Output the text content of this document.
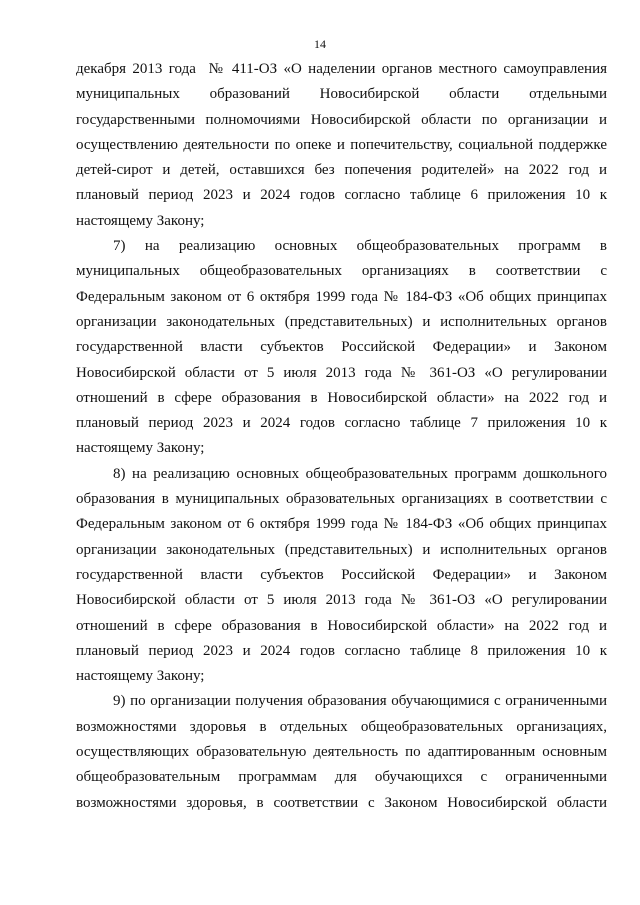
14

декабря 2013 года  № 411-ОЗ «О наделении органов местного самоуправления муниципальных образований Новосибирской области отдельными государственными полномочиями Новосибирской области по организации и осуществлению деятельности по опеке и попечительству, социальной поддержке детей-сирот и детей, оставшихся без попечения родителей» на 2022 год и плановый период 2023 и 2024 годов согласно таблице 6 приложения 10 к настоящему Закону;

7) на реализацию основных общеобразовательных программ в муниципальных общеобразовательных организациях в соответствии с Федеральным законом от 6 октября 1999 года № 184-ФЗ «Об общих принципах организации законодательных (представительных) и исполнительных органов государственной власти субъектов Российской Федерации» и Законом Новосибирской области от 5 июля 2013 года № 361-ОЗ «О регулировании отношений в сфере образования в Новосибирской области» на 2022 год и плановый период 2023 и 2024 годов согласно таблице 7 приложения 10 к настоящему Закону;

8) на реализацию основных общеобразовательных программ дошкольного образования в муниципальных образовательных организациях в соответствии с Федеральным законом от 6 октября 1999 года № 184-ФЗ «Об общих принципах организации законодательных (представительных) и исполнительных органов государственной власти субъектов Российской Федерации» и Законом Новосибирской области от 5 июля 2013 года № 361-ОЗ «О регулировании отношений в сфере образования в Новосибирской области» на 2022 год и плановый период 2023 и 2024 годов согласно таблице 8 приложения 10 к настоящему Закону;

9) по организации получения образования обучающимися с ограниченными возможностями здоровья в отдельных общеобразовательных организациях, осуществляющих образовательную деятельность по адаптированным основным общеобразовательным программам для обучающихся с ограниченными возможностями здоровья, в соответствии с Законом Новосибирской области
